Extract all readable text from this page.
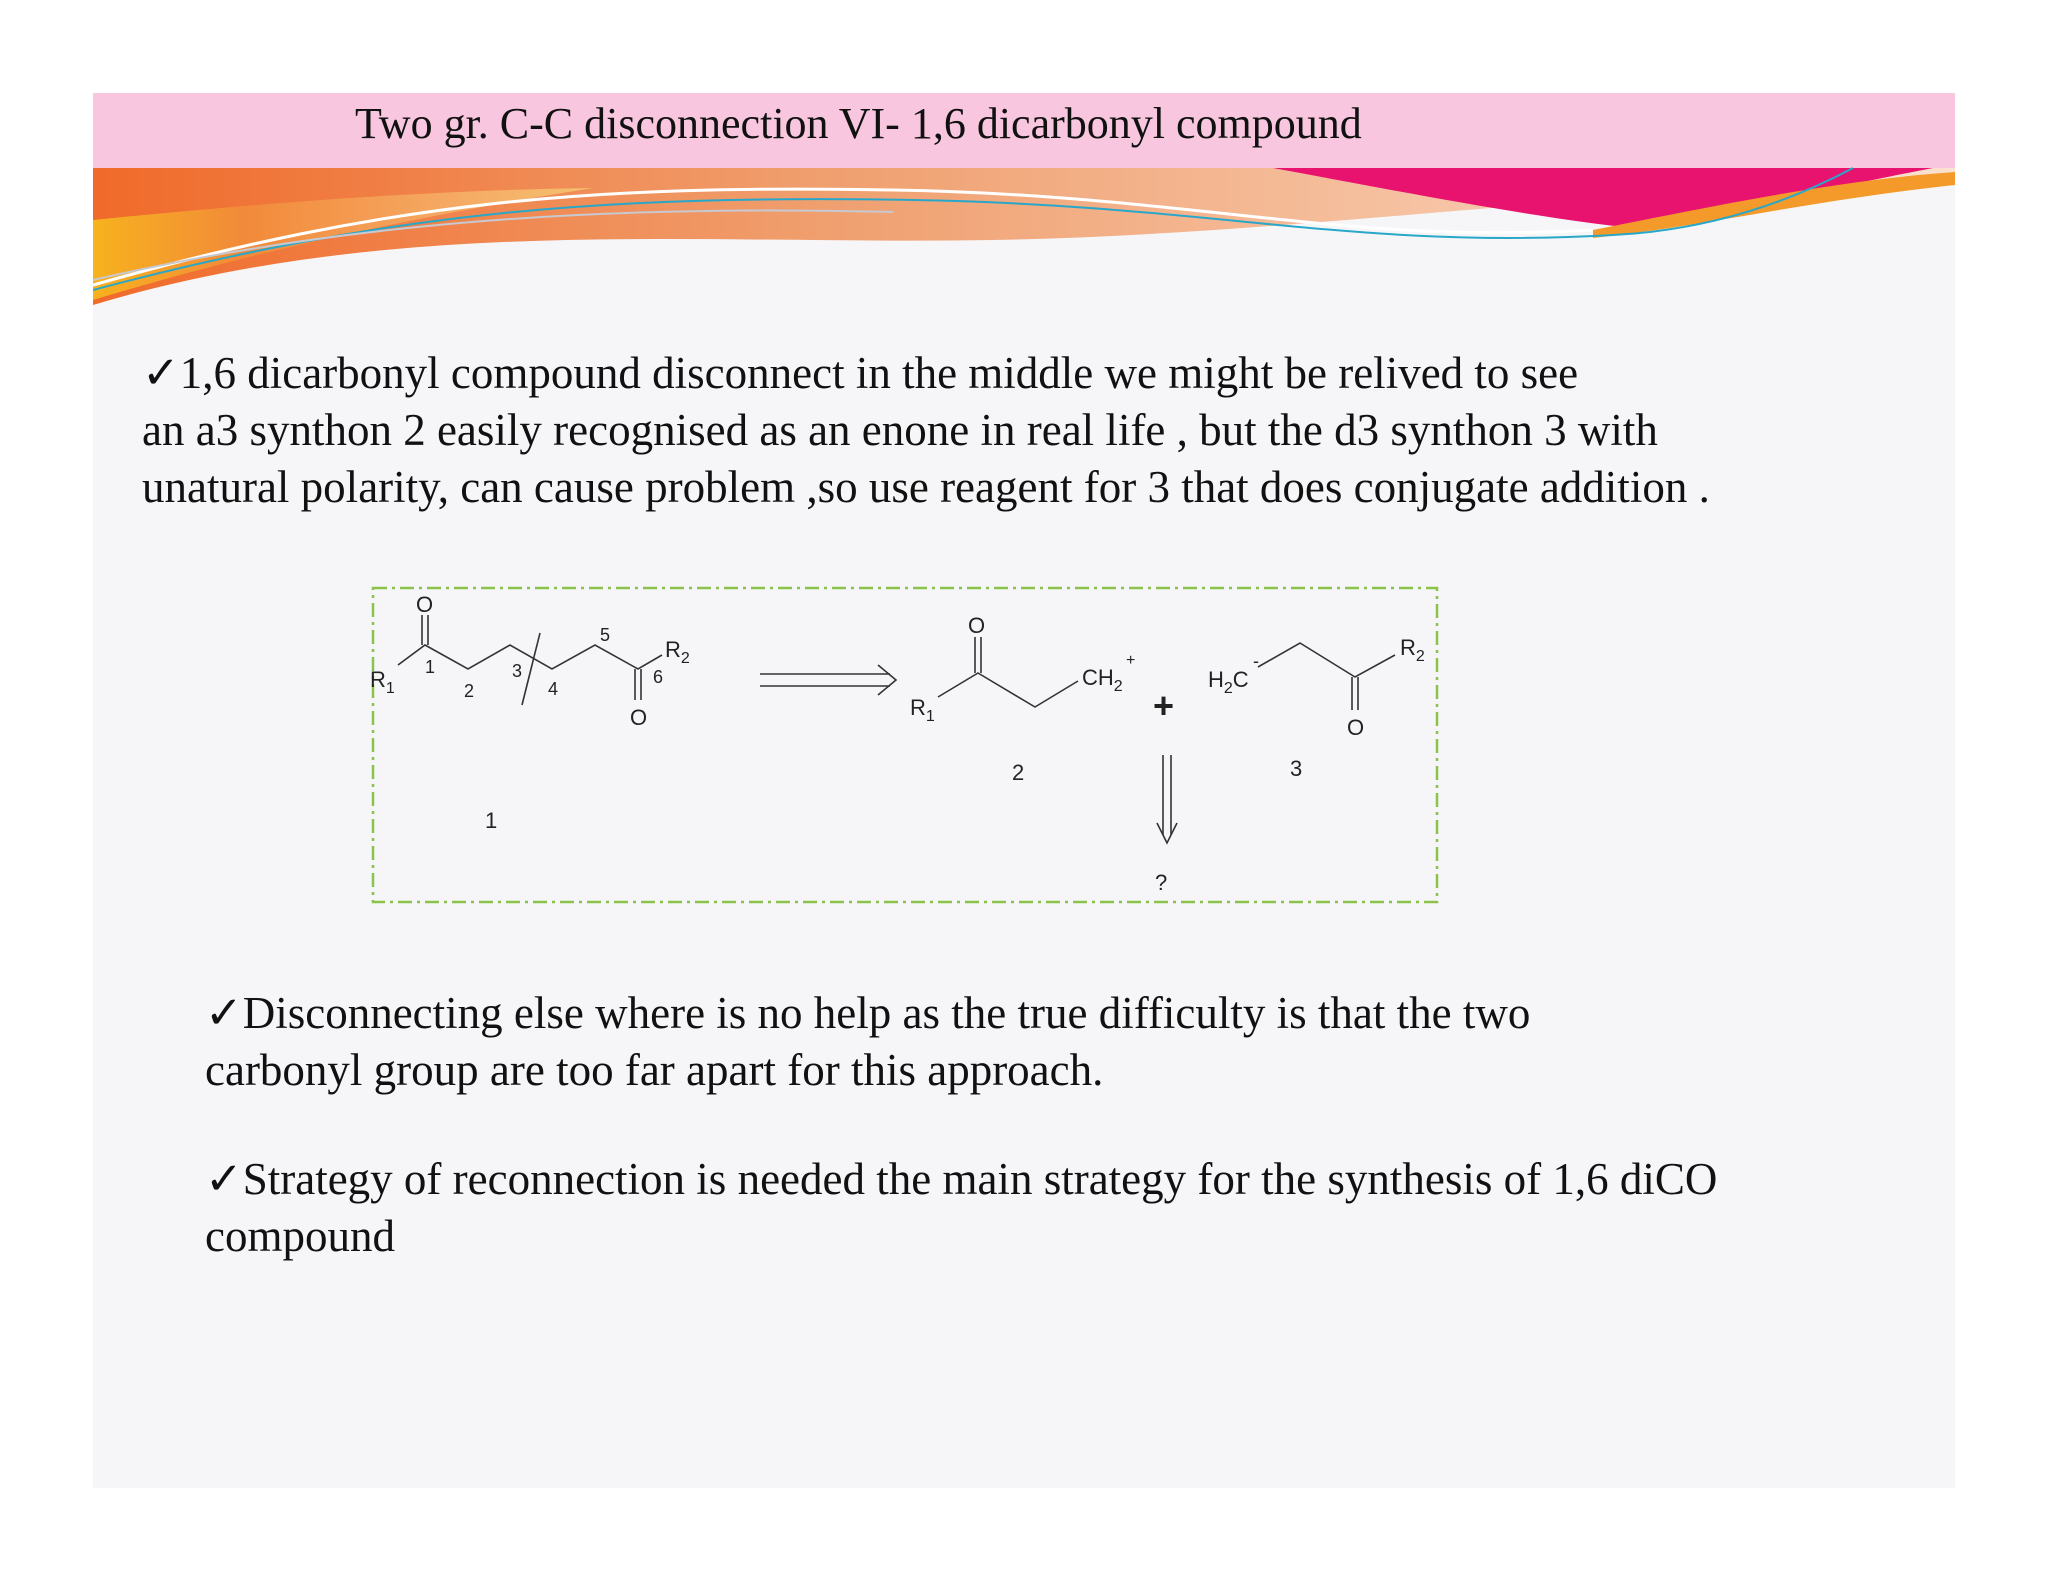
Two gr. C-C disconnection VI- 1,6 dicarbonyl compound
✓1,6 dicarbonyl compound disconnect in the middle we might be relived to see
an a3 synthon 2 easily recognised as an enone in real life , but the d3 synthon 3 with
unatural polarity, can cause problem ,so use reagent for 3 that does conjugate addition .
$R_1$
O
O
$R_2$
1
2
3
4
5
6
1
$R_1$
O
$CH_2$
+
2
+
?
$H_2C$
-
O
$R_2$
3
✓Disconnecting else where is no help as the true difficulty is that the two
carbonyl group are too far apart for this approach.
✓Strategy of reconnection is needed the main strategy for the synthesis of 1,6 diCO
compound
